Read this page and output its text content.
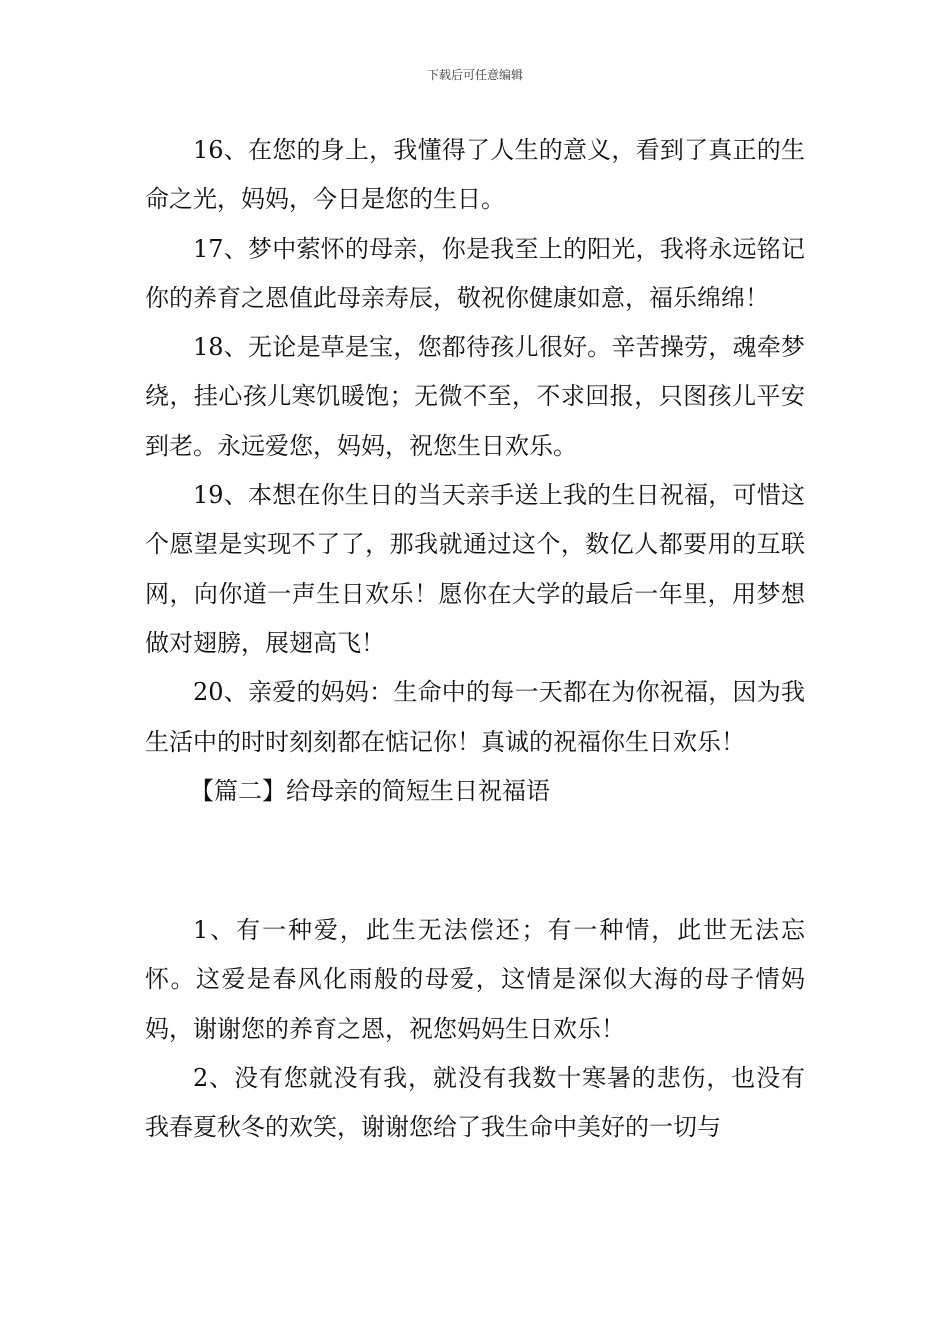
下载后可任意编辑

16、在您的身上，我懂得了人生的意义，看到了真正的生命之光，妈妈，今日是您的生日。

17、梦中萦怀的母亲，你是我至上的阳光，我将永远铭记你的养育之恩值此母亲寿辰，敬祝你健康如意，福乐绵绵！

18、无论是草是宝，您都待孩儿很好。辛苦操劳，魂牵梦绕，挂心孩儿寒饥暖饱；无微不至，不求回报，只图孩儿平安到老。永远爱您，妈妈，祝您生日欢乐。

19、本想在你生日的当天亲手送上我的生日祝福，可惜这个愿望是实现不了了，那我就通过这个，数亿人都要用的互联网，向你道一声生日欢乐！愿你在大学的最后一年里，用梦想做对翅膀，展翅高飞！

20、亲爱的妈妈：生命中的每一天都在为你祝福，因为我生活中的时时刻刻都在惦记你！真诚的祝福你生日欢乐！

【篇二】给母亲的简短生日祝福语

1、有一种爱，此生无法偿还；有一种情，此世无法忘怀。这爱是春风化雨般的母爱，这情是深似大海的母子情妈妈，谢谢您的养育之恩，祝您妈妈生日欢乐！

2、没有您就没有我，就没有我数十寒暑的悲伤，也没有我春夏秋冬的欢笑，谢谢您给了我生命中美好的一切与
